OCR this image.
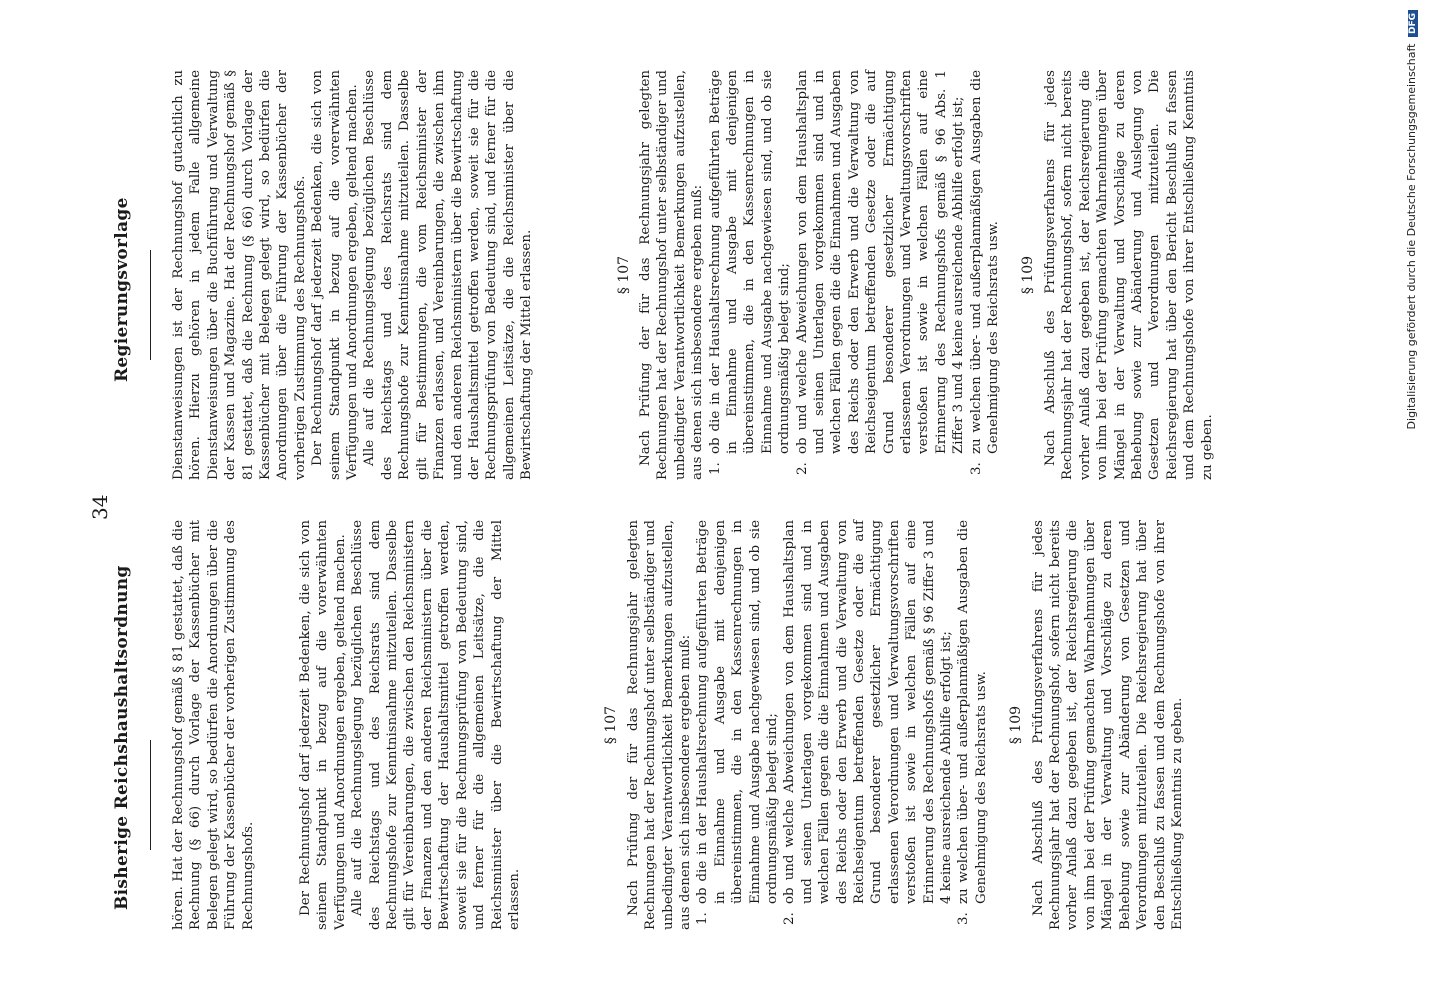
34
Bisherige Reichshaushaltsordnung	hören. Hat der Rechnungshof gemäß § 81 gestattet, daß die Rechnung (§ 66) durch Vorlage der Kassenbücher mit Belegen gelegt wird, so bedürfen die Anordnungen über die Führung der Kassenbücher der vorherigen Zustimmung des Rechnungshofs.	Der Rechnungshof darf jederzeit Bedenken, die sich von seinem Standpunkt in bezug auf die vorerwähnten Verfügungen und Anordnungen ergeben, geltend machen. Alle auf die Rechnungslegung bezüglichen Beschlüsse des Reichstags und des Reichsrats sind dem Rechnungshofe zur Kenntnisnahme mitzuteilen. Dasselbe gilt für Vereinbarungen, die zwischen den Reichsministern der Finanzen und den anderen Reichsministern über die Bewirtschaftung der Haushaltsmittel getroffen werden, soweit sie für die Rechnungsprüfung von Bedeutung sind, und ferner für die allgemeinen Leitsätze, die die Reichsminister über die Bewirtschaftung der Mittel erlassen.

§ 107 Nach Prüfung der für das Rechnungsjahr gelegten Rechnungen hat der Rechnungshof unter selbständiger und unbedingter Verantwortlichkeit Bemerkungen aufzustellen, aus denen sich insbesondere ergeben muß: 1. ob die in der Haushaltsrechnung aufgeführten Beträge in Einnahme und Ausgabe mit denjenigen übereinstimmen, die in den Kassenrechnungen in Einnahme und Ausgabe nachgewiesen sind, und ob sie ordnungsmäßig belegt sind; 2. ob und welche Abweichungen von dem Haushaltsplan und seinen Unterlagen vorgekommen sind und in welchen Fällen gegen die die Einnahmen und Ausgaben des Reichs oder den Erwerb und die Verwaltung von Reichseigentum betreffenden Gesetze oder die auf Grund besonderer gesetzlicher Ermächtigung erlassenen Verordnungen und Verwaltungsvorschriften verstoßen ist sowie in welchen Fällen auf eine Erinnerung des Rechnungshofs gemäß § 96 Ziffer 3 und 4 keine ausreichende Abhilfe erfolgt ist; 3. zu welchen über- und außerplanmäßigen Ausgaben die Genehmigung des Reichsrats usw. § 109 Nach Abschluß des Prüfungsverfahrens für jedes Rechnungsjahr hat der Rechnungshof, sofern nicht bereits vorher Anlaß dazu gegeben ist, der Reichsregierung die von ihm bei der Prüfung gemachten Wahrnehmungen über Mängel in der Verwaltung und Vorschläge zu deren Behebung sowie zur Abänderung von Gesetzen und Verordnungen mitzuteilen. Die Reichsregierung hat über den Beschluß zu fassen und dem Rechnungshofe von ihrer Entschließung Kenntnis zu geben.

Regierungsvorlage	Dienstanweisungen ist der Rechnungshof gutachtlich zu hören. Hierzu gehören in jedem Falle allgemeine Dienstanweisungen über die Buchführung und Verwaltung der Kassen und Magazine. Hat der Rechnungshof gemäß § 81 gestattet, daß die Rechnung (§ 66) durch Vorlage der Kassenbücher mit Belegen gelegt wird, so bedürfen die Anordnungen über die Führung der Kassenbücher der vorherigen Zustimmung des Rechnungshofs. Der Rechnungshof darf jederzeit Bedenken, die sich von seinem Standpunkt in bezug auf die vorerwähnten Verfügungen und Anordnungen ergeben, geltend machen. Alle auf die Rechnungslegung bezüglichen Beschlüsse des Reichstags und des Reichsrats sind dem Rechnungshofe zur Kenntnisnahme mitzuteilen. Dasselbe gilt für Bestimmungen, die vom Reichsminister der Finanzen erlassen, und Vereinbarungen, die zwischen ihm und den anderen Reichsministern über die Bewirtschaftung der Haushaltsmittel getroffen werden, soweit sie für die Rechnungsprüfung von Bedeutung sind, und ferner für die allgemeinen Leitsätze, die die Reichsminister über die Bewirtschaftung der Mittel erlassen.	§ 107 Nach Prüfung der für das Rechnungsjahr gelegten Rechnungen hat der Rechnungshof unter selbständiger und unbedingter Verantwortlichkeit Bemerkungen aufzustellen, aus denen sich insbesondere ergeben muß: 1. ob die in der Haushaltsrechnung aufgeführten Beträge in Einnahme und Ausgabe mit denjenigen übereinstimmen, die in den Kassenrechnungen in Einnahme und Ausgabe nachgewiesen sind, und ob sie ordnungsmäßig belegt sind; 2. ob und welche Abweichungen von dem Haushaltsplan und seinen Unterlagen vorgekommen sind und in welchen Fällen gegen die die Einnahmen und Ausgaben des Reichs oder den Erwerb und die Verwaltung von Reichseigentum betreffenden Gesetze oder die auf Grund besonderer gesetzlicher Ermächtigung erlassenen Verordnungen und Verwaltungsvorschriften verstoßen ist sowie in welchen Fällen auf eine Erinnerung des Rechnungshofs gemäß § 96 Abs. 1 Ziffer 3 und 4 keine ausreichende Abhilfe erfolgt ist; 3. zu welchen über- und außerplanmäßigen Ausgaben die Genehmigung des Reichsrats usw. § 109 Nach Abschluß des Prüfungsverfahrens für jedes Rechnungsjahr hat der Rechnungshof, sofern nicht bereits vorher Anlaß dazu gegeben ist, der Reichsregierung die von ihm bei der Prüfung gemachten Wahrnehmungen über Mängel in der Verwaltung und Vorschläge zu deren Behebung sowie zur Abänderung und Auslegung von Gesetzen und Verordnungen mitzuteilen. Die Reichsregierung hat über den Bericht Beschluß zu fassen und dem Rechnungshofe von ihrer Entschließung Kenntnis zu geben.

Digitalisierung gefördert durch die Deutsche Forschungsgemeinschaft DFG
